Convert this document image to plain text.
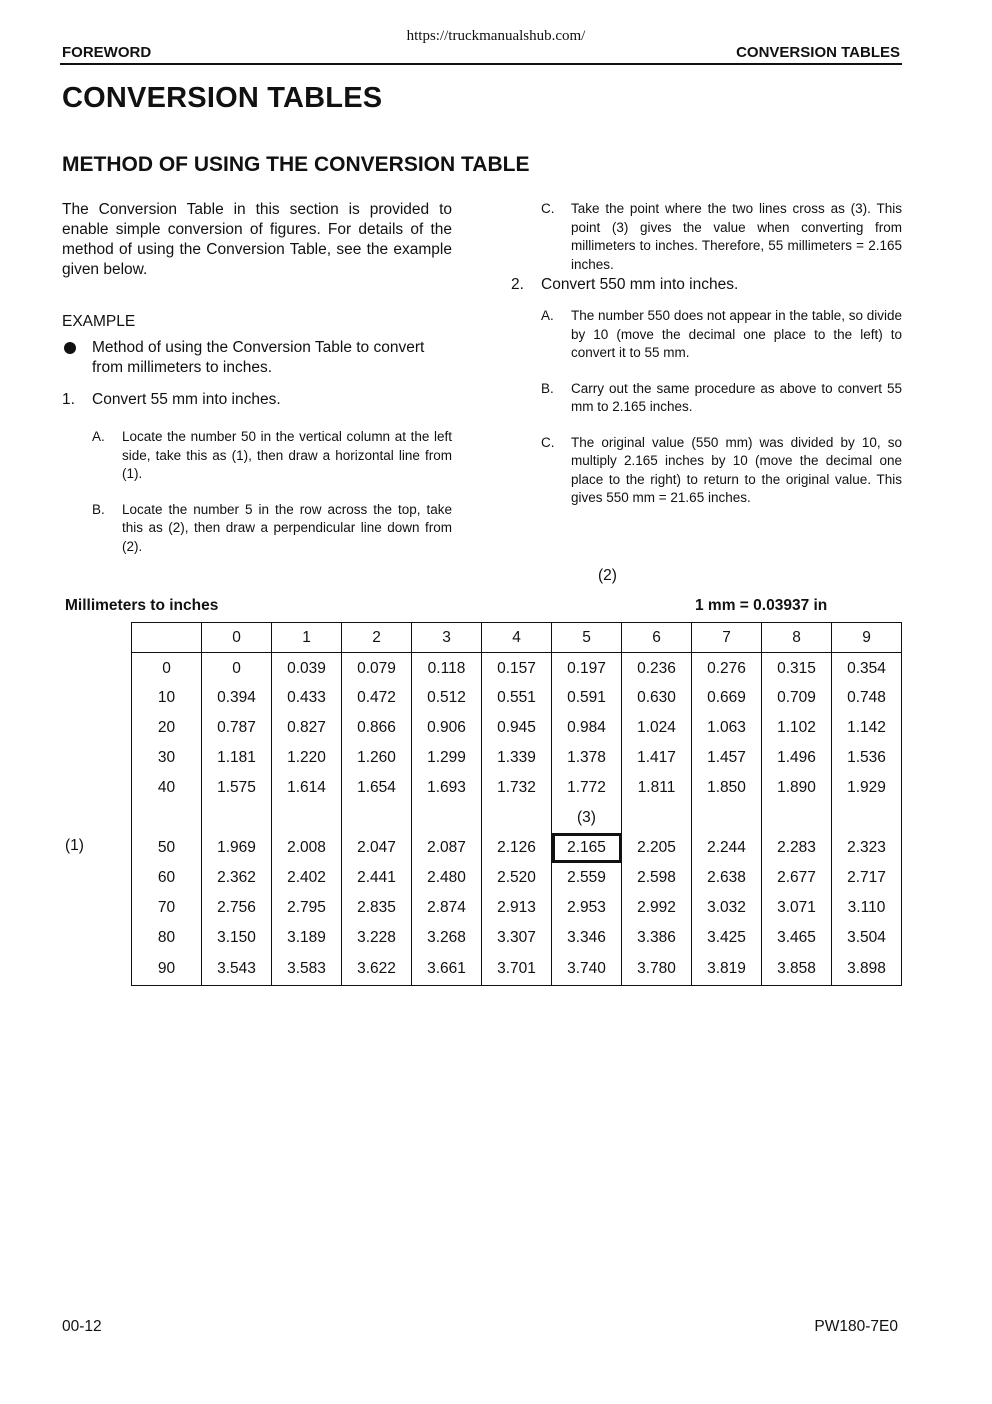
https://truckmanualshub.com/
FOREWORD	CONVERSION TABLES
CONVERSION TABLES
METHOD OF USING THE CONVERSION TABLE

The Conversion Table in this section is provided to enable simple conversion of figures. For details of the method of using the Conversion Table, see the example given below.

EXAMPLE

Method of using the Conversion Table to convert from millimeters to inches.
1.	Convert 55 mm into inches.
A.	Locate the number 50 in the vertical column at the left side, take this as (1), then draw a horizontal line from (1).
B.	Locate the number 5 in the row across the top, take this as (2), then draw a perpendicular line down from (2).
C.	Take the point where the two lines cross as (3). This point (3) gives the value when converting from millimeters to inches. Therefore, 55 millimeters = 2.165 inches.
2.	Convert 550 mm into inches.
A.	The number 550 does not appear in the table, so divide by 10 (move the decimal one place to the left) to convert it to 55 mm.
B.	Carry out the same procedure as above to convert 55 mm to 2.165 inches.
C.	The original value (550 mm) was divided by 10, so multiply 2.165 inches by 10 (move the decimal one place to the right) to return to the original value. This gives 550 mm = 21.65 inches.
(2)
Millimeters to inches	1 mm = 0.03937 in
(1)
	0	1	2	3	4	5	6	7	8	9
0	0	0.039	0.079	0.118	0.157	0.197	0.236	0.276	0.315	0.354
10	0.394	0.433	0.472	0.512	0.551	0.591	0.630	0.669	0.709	0.748
20	0.787	0.827	0.866	0.906	0.945	0.984	1.024	1.063	1.102	1.142
30	1.181	1.220	1.260	1.299	1.339	1.378	1.417	1.457	1.496	1.536
40	1.575	1.614	1.654	1.693	1.732	1.772	1.811	1.850	1.890	1.929
						(3)				
50	1.969	2.008	2.047	2.087	2.126	2.165	2.205	2.244	2.283	2.323
60	2.362	2.402	2.441	2.480	2.520	2.559	2.598	2.638	2.677	2.717
70	2.756	2.795	2.835	2.874	2.913	2.953	2.992	3.032	3.071	3.110
80	3.150	3.189	3.228	3.268	3.307	3.346	3.386	3.425	3.465	3.504
90	3.543	3.583	3.622	3.661	3.701	3.740	3.780	3.819	3.858	3.898
00-12	PW180-7E0
